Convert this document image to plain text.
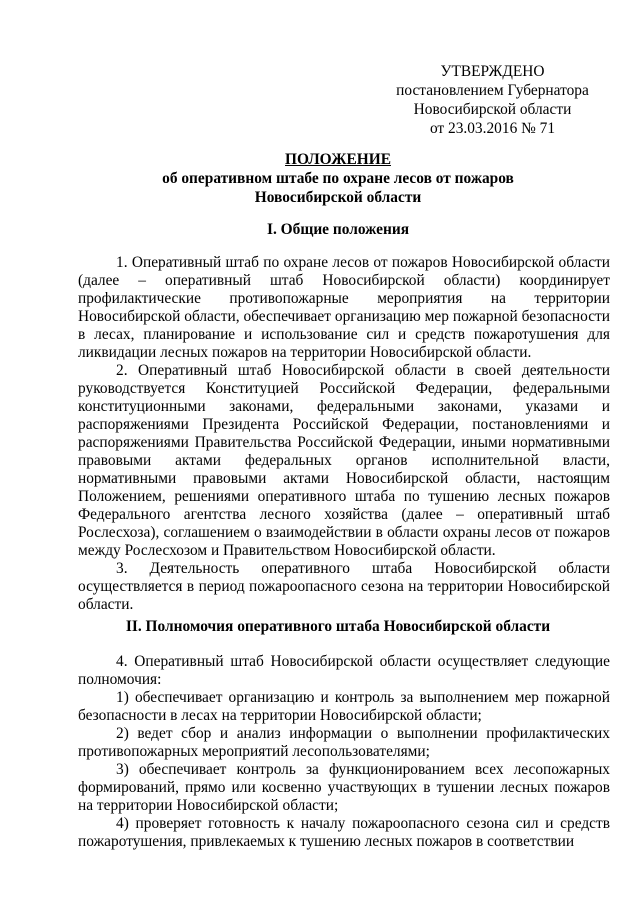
УТВЕРЖДЕНО
постановлением Губернатора
Новосибирской области
от 23.03.2016 № 71
ПОЛОЖЕНИЕ
об оперативном штабе по охране лесов от пожаров
Новосибирской области
I. Общие положения

1. Оперативный штаб по охране лесов от пожаров Новосибирской области (далее – оперативный штаб Новосибирской области) координирует профилактические противопожарные мероприятия на территории Новосибирской области, обеспечивает организацию мер пожарной безопасности в лесах, планирование и использование сил и средств пожаротушения для ликвидации лесных пожаров на территории Новосибирской области.

2. Оперативный штаб Новосибирской области в своей деятельности руководствуется Конституцией Российской Федерации, федеральными конституционными законами, федеральными законами, указами и распоряжениями Президента Российской Федерации, постановлениями и распоряжениями Правительства Российской Федерации, иными нормативными правовыми актами федеральных органов исполнительной власти, нормативными правовыми актами Новосибирской области, настоящим Положением, решениями оперативного штаба по тушению лесных пожаров Федерального агентства лесного хозяйства (далее – оперативный штаб Рослесхоза), соглашением о взаимодействии в области охраны лесов от пожаров между Рослесхозом и Правительством Новосибирской области.

3. Деятельность оперативного штаба Новосибирской области осуществляется в период пожароопасного сезона на территории Новосибирской области.

II. Полномочия оперативного штаба Новосибирской области

4. Оперативный штаб Новосибирской области осуществляет следующие полномочия:

1) обеспечивает организацию и контроль за выполнением мер пожарной безопасности в лесах на территории Новосибирской области;

2) ведет сбор и анализ информации о выполнении профилактических противопожарных мероприятий лесопользователями;

3) обеспечивает контроль за функционированием всех лесопожарных формирований, прямо или косвенно участвующих в тушении лесных пожаров на территории Новосибирской области;

4) проверяет готовность к началу пожароопасного сезона сил и средств пожаротушения, привлекаемых к тушению лесных пожаров в соответствии
